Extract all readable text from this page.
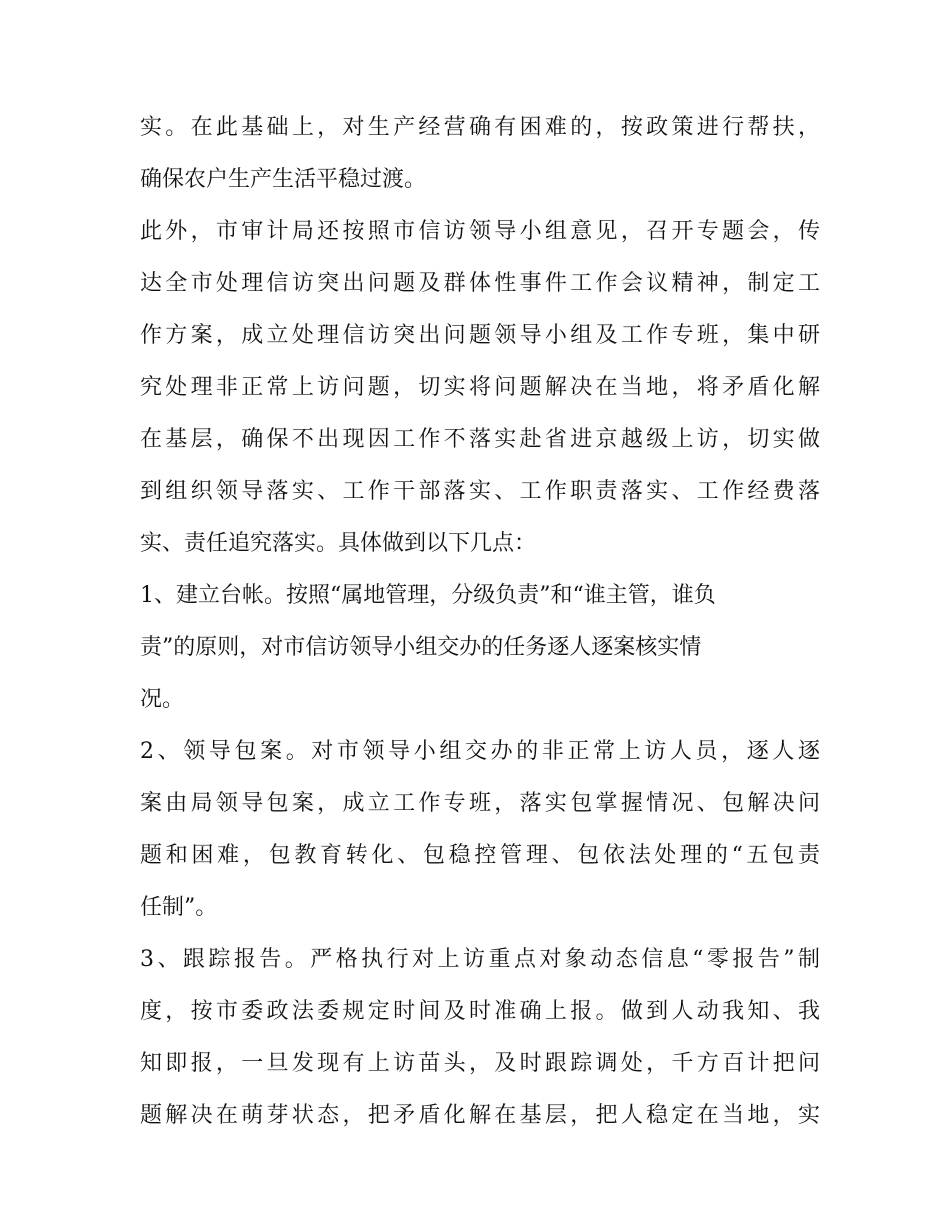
实。在此基础上，对生产经营确有困难的，按政策进行帮扶，
确保农户生产生活平稳过渡。
此外，市审计局还按照市信访领导小组意见，召开专题会，传
达全市处理信访突出问题及群体性事件工作会议精神，制定工
作方案，成立处理信访突出问题领导小组及工作专班，集中研
究处理非正常上访问题，切实将问题解决在当地，将矛盾化解
在基层，确保不出现因工作不落实赴省进京越级上访，切实做
到组织领导落实、工作干部落实、工作职责落实、工作经费落
实、责任追究落实。具体做到以下几点：
1、建立台帐。按照“属地管理，分级负责”和“谁主管，谁负
责”的原则，对市信访领导小组交办的任务逐人逐案核实情
况。
2、领导包案。对市领导小组交办的非正常上访人员，逐人逐
案由局领导包案，成立工作专班，落实包掌握情况、包解决问
题和困难，包教育转化、包稳控管理、包依法处理的“五包责
任制”。
3、跟踪报告。严格执行对上访重点对象动态信息“零报告”制
度，按市委政法委规定时间及时准确上报。做到人动我知、我
知即报，一旦发现有上访苗头，及时跟踪调处，千方百计把问
题解决在萌芽状态，把矛盾化解在基层，把人稳定在当地，实
